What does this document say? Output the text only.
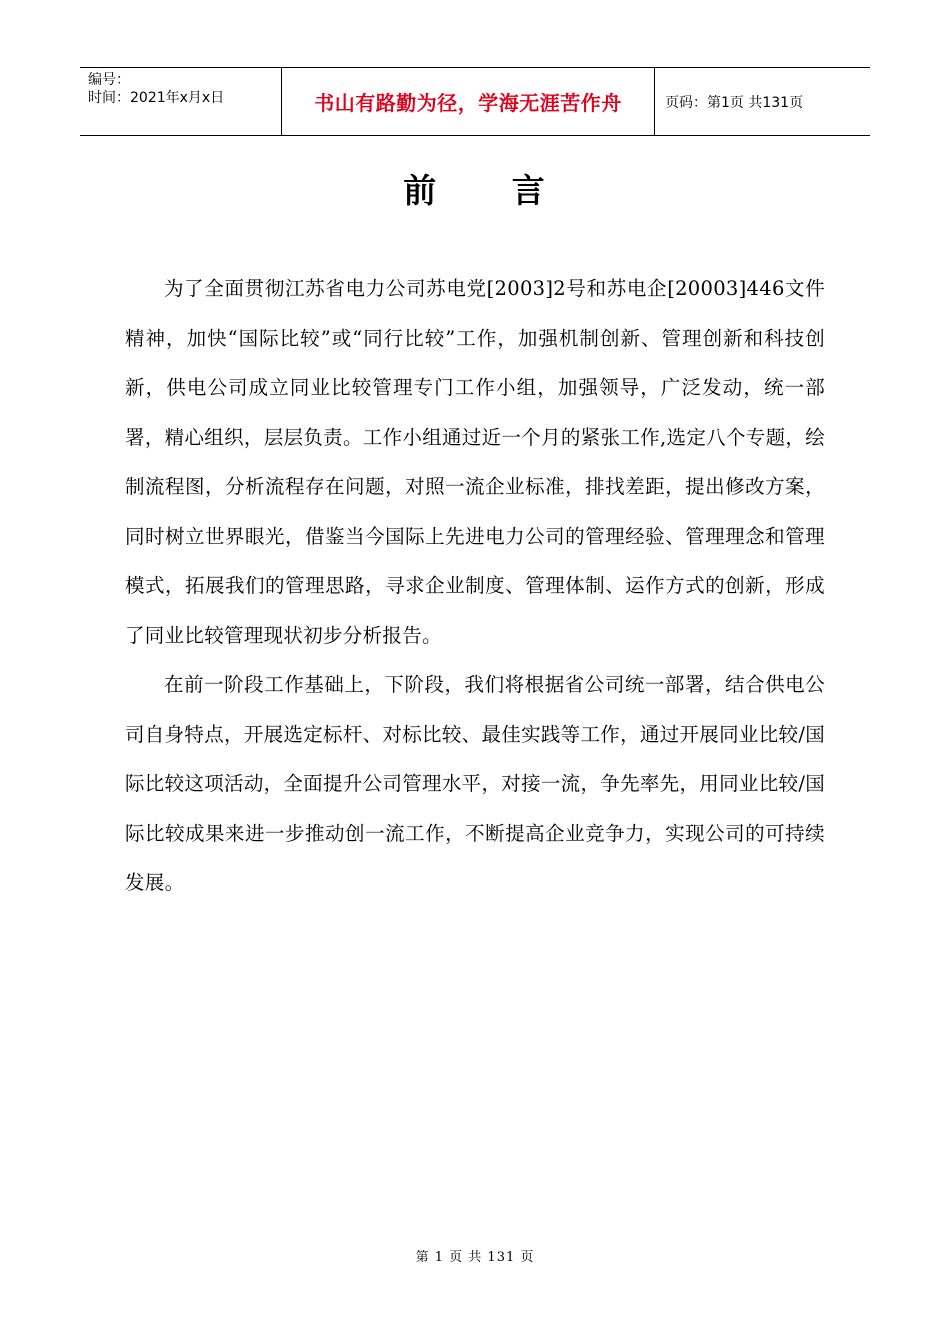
编号：
时间：2021年x月x日	书山有路勤为径，学海无涯苦作舟	页码：第1页 共131页
前 言

为了全面贯彻江苏省电力公司苏电党[2003]2号和苏电企[20003]446文件精神，加快“国际比较”或“同行比较”工作，加强机制创新、管理创新和科技创新，供电公司成立同业比较管理专门工作小组，加强领导，广泛发动，统一部署，精心组织，层层负责。工作小组通过近一个月的紧张工作,选定八个专题，绘制流程图，分析流程存在问题，对照一流企业标准，排找差距，提出修改方案，同时树立世界眼光，借鉴当今国际上先进电力公司的管理经验、管理理念和管理模式，拓展我们的管理思路，寻求企业制度、管理体制、运作方式的创新，形成了同业比较管理现状初步分析报告。

在前一阶段工作基础上，下阶段，我们将根据省公司统一部署，结合供电公司自身特点，开展选定标杆、对标比较、最佳实践等工作，通过开展同业比较/国际比较这项活动，全面提升公司管理水平，对接一流，争先率先，用同业比较/国际比较成果来进一步推动创一流工作，不断提高企业竞争力，实现公司的可持续发展。

第 1 页 共 131 页
